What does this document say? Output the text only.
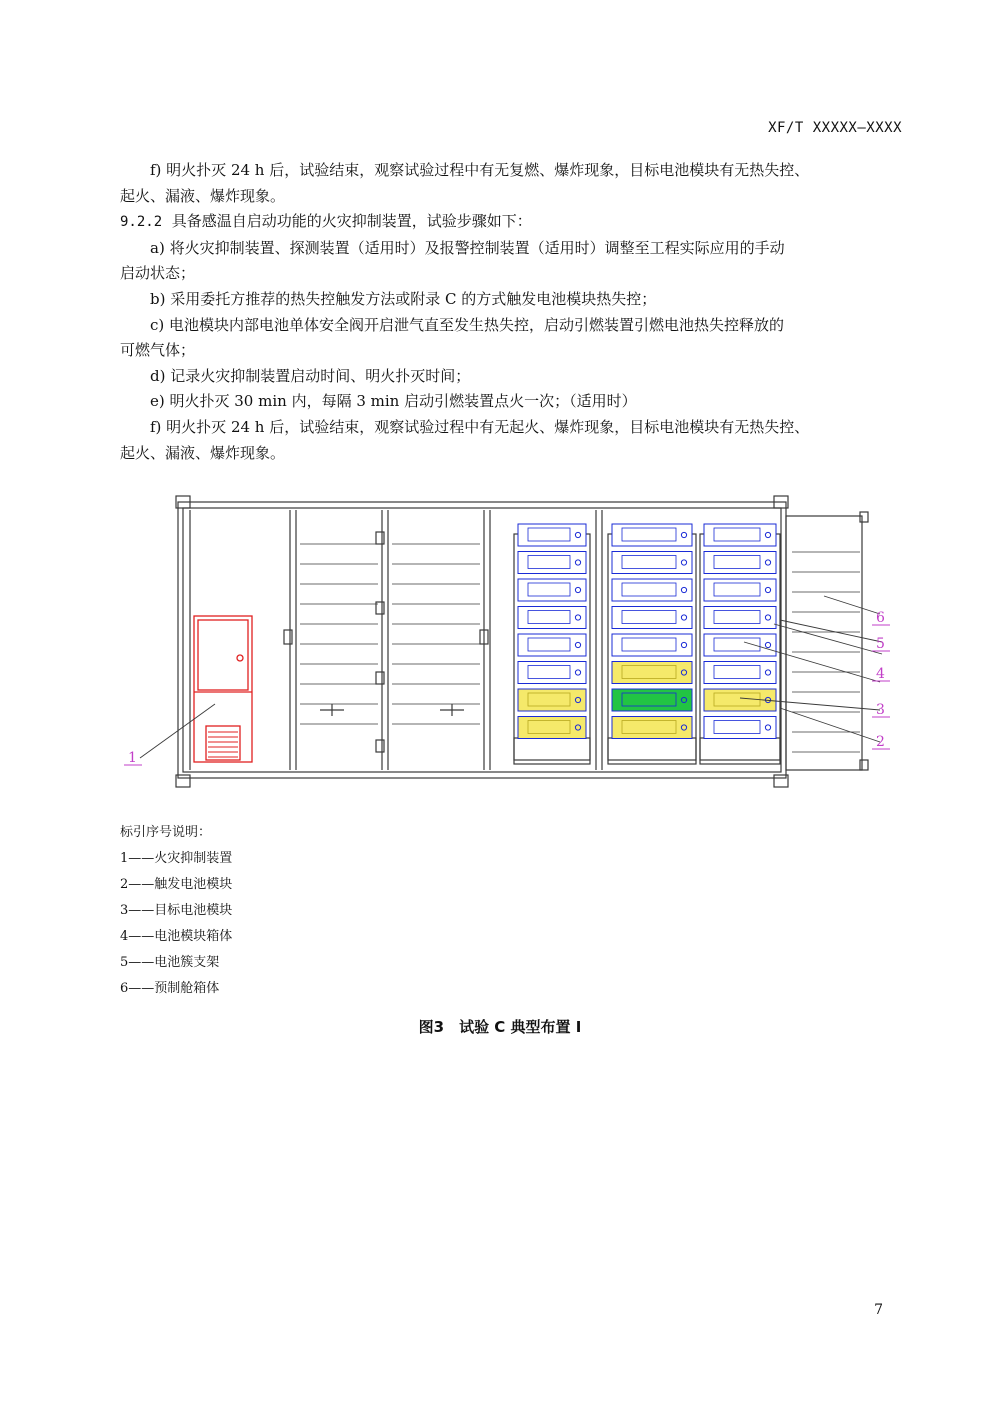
XF/T XXXXX—XXXX

f) 明火扑灭 24 h 后，试验结束，观察试验过程中有无复燃、爆炸现象，目标电池模块有无热失控、

起火、漏液、爆炸现象。

9.2.2 具备感温自启动功能的火灾抑制装置，试验步骤如下：

a) 将火灾抑制装置、探测装置（适用时）及报警控制装置（适用时）调整至工程实际应用的手动

启动状态；

b) 采用委托方推荐的热失控触发方法或附录 C 的方式触发电池模块热失控；

c) 电池模块内部电池单体安全阀开启泄气直至发生热失控，启动引燃装置引燃电池热失控释放的

可燃气体；

d) 记录火灾抑制装置启动时间、明火扑灭时间；

e) 明火扑灭 30 min 内，每隔 3 min 启动引燃装置点火一次；（适用时）

f) 明火扑灭 24 h 后，试验结束，观察试验过程中有无起火、爆炸现象，目标电池模块有无热失控、

起火、漏液、爆炸现象。

1
2
3
4
5
6
标引序号说明：
1——火灾抑制装置
2——触发电池模块
3——目标电池模块
4——电池模块箱体
5——电池簇支架
6——预制舱箱体
图3　试验 C 典型布置 I
7
